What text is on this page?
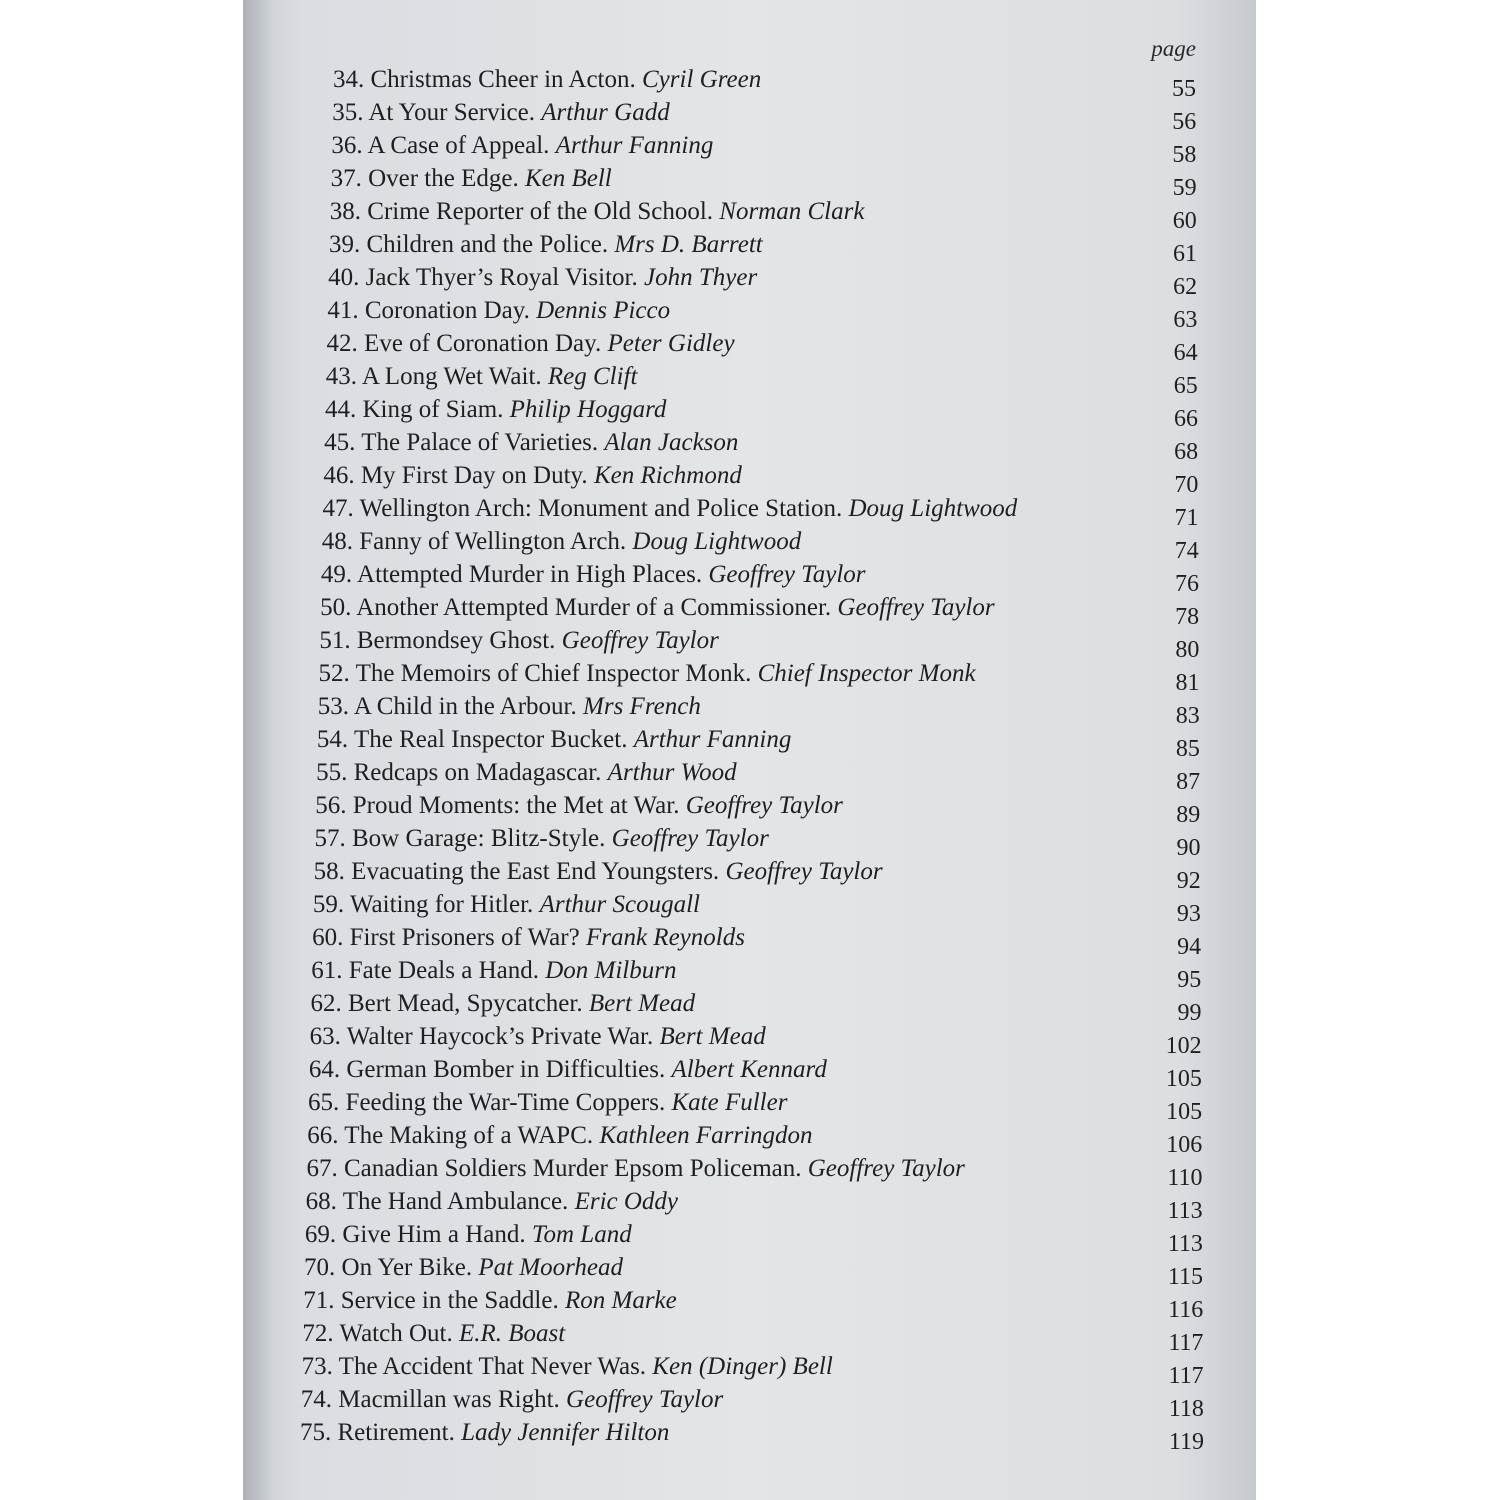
page
34. Christmas Cheer in Acton. Cyril Green	55
35. At Your Service. Arthur Gadd	56
36. A Case of Appeal. Arthur Fanning	58
37. Over the Edge. Ken Bell	59
38. Crime Reporter of the Old School. Norman Clark	60
39. Children and the Police. Mrs D. Barrett	61
40. Jack Thyer’s Royal Visitor. John Thyer	62
41. Coronation Day. Dennis Picco	63
42. Eve of Coronation Day. Peter Gidley	64
43. A Long Wet Wait. Reg Clift	65
44. King of Siam. Philip Hoggard	66
45. The Palace of Varieties. Alan Jackson	68
46. My First Day on Duty. Ken Richmond	70
47. Wellington Arch: Monument and Police Station. Doug Lightwood	71
48. Fanny of Wellington Arch. Doug Lightwood	74
49. Attempted Murder in High Places. Geoffrey Taylor	76
50. Another Attempted Murder of a Commissioner. Geoffrey Taylor	78
51. Bermondsey Ghost. Geoffrey Taylor	80
52. The Memoirs of Chief Inspector Monk. Chief Inspector Monk	81
53. A Child in the Arbour. Mrs French	83
54. The Real Inspector Bucket. Arthur Fanning	85
55. Redcaps on Madagascar. Arthur Wood	87
56. Proud Moments: the Met at War. Geoffrey Taylor	89
57. Bow Garage: Blitz-Style. Geoffrey Taylor	90
58. Evacuating the East End Youngsters. Geoffrey Taylor	92
59. Waiting for Hitler. Arthur Scougall	93
60. First Prisoners of War? Frank Reynolds	94
61. Fate Deals a Hand. Don Milburn	95
62. Bert Mead, Spycatcher. Bert Mead	99
63. Walter Haycock’s Private War. Bert Mead	102
64. German Bomber in Difficulties. Albert Kennard	105
65. Feeding the War-Time Coppers. Kate Fuller	105
66. The Making of a WAPC. Kathleen Farringdon	106
67. Canadian Soldiers Murder Epsom Policeman. Geoffrey Taylor	110
68. The Hand Ambulance. Eric Oddy	113
69. Give Him a Hand. Tom Land	113
70. On Yer Bike. Pat Moorhead	115
71. Service in the Saddle. Ron Marke	116
72. Watch Out. E.R. Boast	117
73. The Accident That Never Was. Ken (Dinger) Bell	117
74. Macmillan was Right. Geoffrey Taylor	118
75. Retirement. Lady Jennifer Hilton	119
